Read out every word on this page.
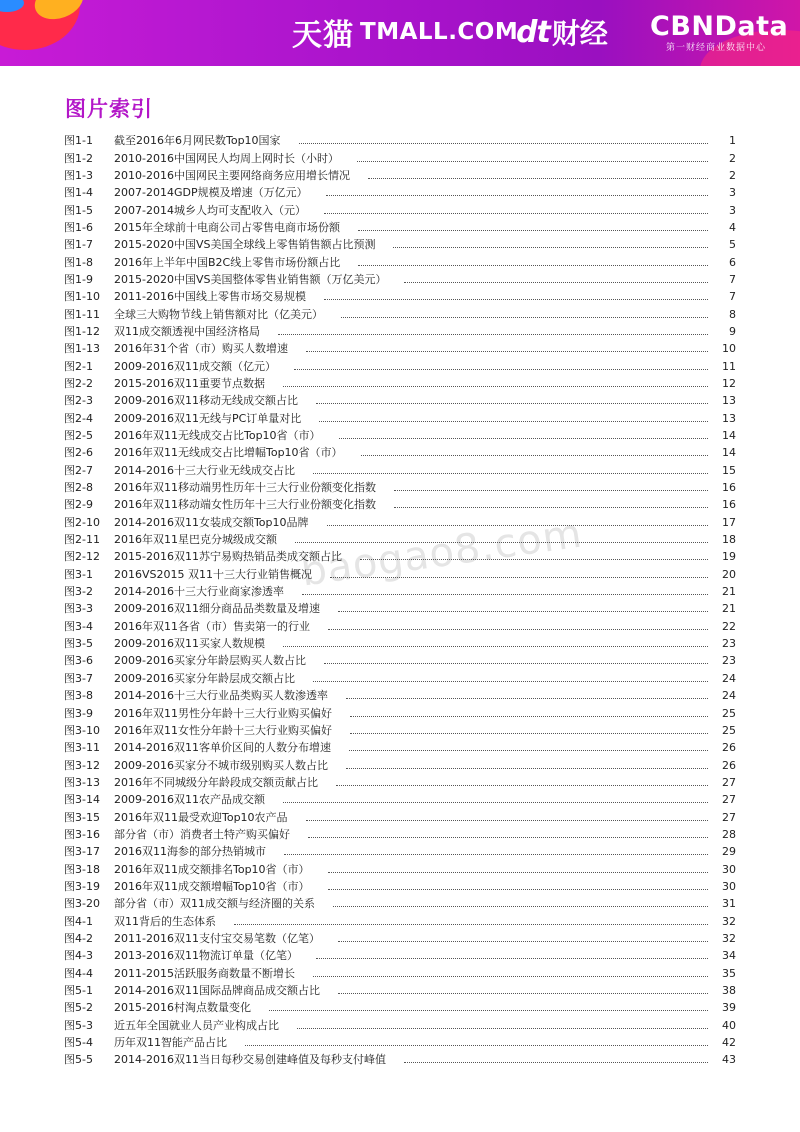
天猫 TMALL.COM
dt 财经 CBNData
第一财经商业数据中心
图片索引
baogao8.com
图1-1	截至2016年6月网民数Top10国家	1
图1-2	2010-2016中国网民人均周上网时长（小时）	2
图1-3	2010-2016中国网民主要网络商务应用增长情况	2
图1-4	2007-2014GDP规模及增速（万亿元）	3
图1-5	2007-2014城乡人均可支配收入（元）	3
图1-6	2015年全球前十电商公司占零售电商市场份额	4
图1-7	2015-2020中国VS美国全球线上零售销售额占比预测	5
图1-8	2016年上半年中国B2C线上零售市场份额占比	6
图1-9	2015-2020中国VS美国整体零售业销售额（万亿美元）	7
图1-10	2011-2016中国线上零售市场交易规模	7
图1-11	全球三大购物节线上销售额对比（亿美元）	8
图1-12	双11成交额透视中国经济格局	9
图1-13	2016年31个省（市）购买人数增速	10
图2-1	2009-2016双11成交额（亿元）	11
图2-2	2015-2016双11重要节点数据	12
图2-3	2009-2016双11移动无线成交额占比	13
图2-4	2009-2016双11无线与PC订单量对比	13
图2-5	2016年双11无线成交占比Top10省（市）	14
图2-6	2016年双11无线成交占比增幅Top10省（市）	14
图2-7	2014-2016十三大行业无线成交占比	15
图2-8	2016年双11移动端男性历年十三大行业份额变化指数	16
图2-9	2016年双11移动端女性历年十三大行业份额变化指数	16
图2-10	2014-2016双11女装成交额Top10品牌	17
图2-11	2016年双11星巴克分城级成交额	18
图2-12	2015-2016双11苏宁易购热销品类成交额占比	19
图3-1	2016VS2015 双11十三大行业销售概况	20
图3-2	2014-2016十三大行业商家渗透率	21
图3-3	2009-2016双11细分商品品类数量及增速	21
图3-4	2016年双11各省（市）售卖第一的行业	22
图3-5	2009-2016双11买家人数规模	23
图3-6	2009-2016买家分年龄层购买人数占比	23
图3-7	2009-2016买家分年龄层成交额占比	24
图3-8	2014-2016十三大行业品类购买人数渗透率	24
图3-9	2016年双11男性分年龄十三大行业购买偏好	25
图3-10	2016年双11女性分年龄十三大行业购买偏好	25
图3-11	2014-2016双11客单价区间的人数分布增速	26
图3-12	2009-2016买家分不城市级别购买人数占比	26
图3-13	2016年不同城级分年龄段成交额贡献占比	27
图3-14	2009-2016双11农产品成交额	27
图3-15	2016年双11最受欢迎Top10农产品	27
图3-16	部分省（市）消费者土特产购买偏好	28
图3-17	2016双11海参的部分热销城市	29
图3-18	2016年双11成交额排名Top10省（市）	30
图3-19	2016年双11成交额增幅Top10省（市）	30
图3-20	部分省（市）双11成交额与经济圈的关系	31
图4-1	双11背后的生态体系	32
图4-2	2011-2016双11支付宝交易笔数（亿笔）	32
图4-3	2013-2016双11物流订单量（亿笔）	34
图4-4	2011-2015活跃服务商数量不断增长	35
图5-1	2014-2016双11国际品牌商品成交额占比	38
图5-2	2015-2016村淘点数量变化	39
图5-3	近五年全国就业人员产业构成占比	40
图5-4	历年双11智能产品占比	42
图5-5	2014-2016双11当日每秒交易创建峰值及每秒支付峰值	43
